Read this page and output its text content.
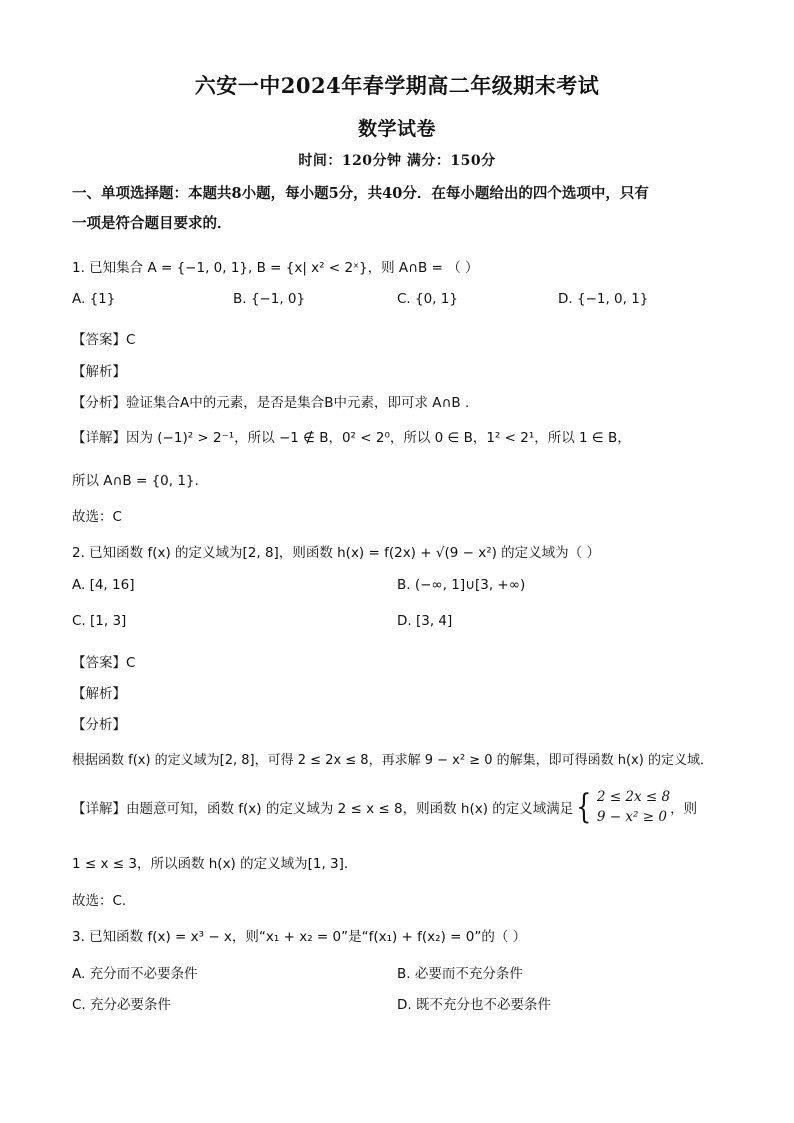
六安一中2024年春学期高二年级期末考试
数学试卷
时间：120分钟 满分：150分
一、单项选择题：本题共8小题，每小题5分，共40分．在每小题给出的四个选项中，只有
一项是符合题目要求的．
1. 已知集合 A = {−1, 0, 1}, B = {x| x² < 2ˣ}，则 A∩B = （ ）
A. {1}	B. {−1, 0}	C. {0, 1}	D. {−1, 0, 1}
【答案】C
【解析】
【分析】验证集合A中的元素，是否是集合B中元素，即可求 A∩B .
【详解】因为 (−1)² > 2⁻¹，所以 −1 ∉ B，0² < 2⁰，所以 0 ∈ B，1² < 2¹，所以 1 ∈ B，
所以 A∩B = {0, 1}.
故选：C
2. 已知函数 f(x) 的定义域为[2, 8]，则函数 h(x) = f(2x) + √(9 − x²) 的定义域为（ ）
A. [4, 16]	B. (−∞, 1]∪[3, +∞)
C. [1, 3]	D. [3, 4]
【答案】C
【解析】
【分析】
根据函数 f(x) 的定义域为[2, 8]，可得 2 ≤ 2x ≤ 8，再求解 9 − x² ≥ 0 的解集，即可得函数 h(x) 的定义域．
【详解】由题意可知，函数 f(x) 的定义域为 2 ≤ x ≤ 8，则函数 h(x) 的定义域满足 { 2 ≤ 2x ≤ 8
9 − x² ≥ 0 ，则
1 ≤ x ≤ 3，所以函数 h(x) 的定义域为[1, 3].
故选：C.
3. 已知函数 f(x) = x³ − x，则“x₁ + x₂ = 0”是“f(x₁) + f(x₂) = 0”的（ ）
A. 充分而不必要条件	B. 必要而不充分条件
C. 充分必要条件	D. 既不充分也不必要条件
